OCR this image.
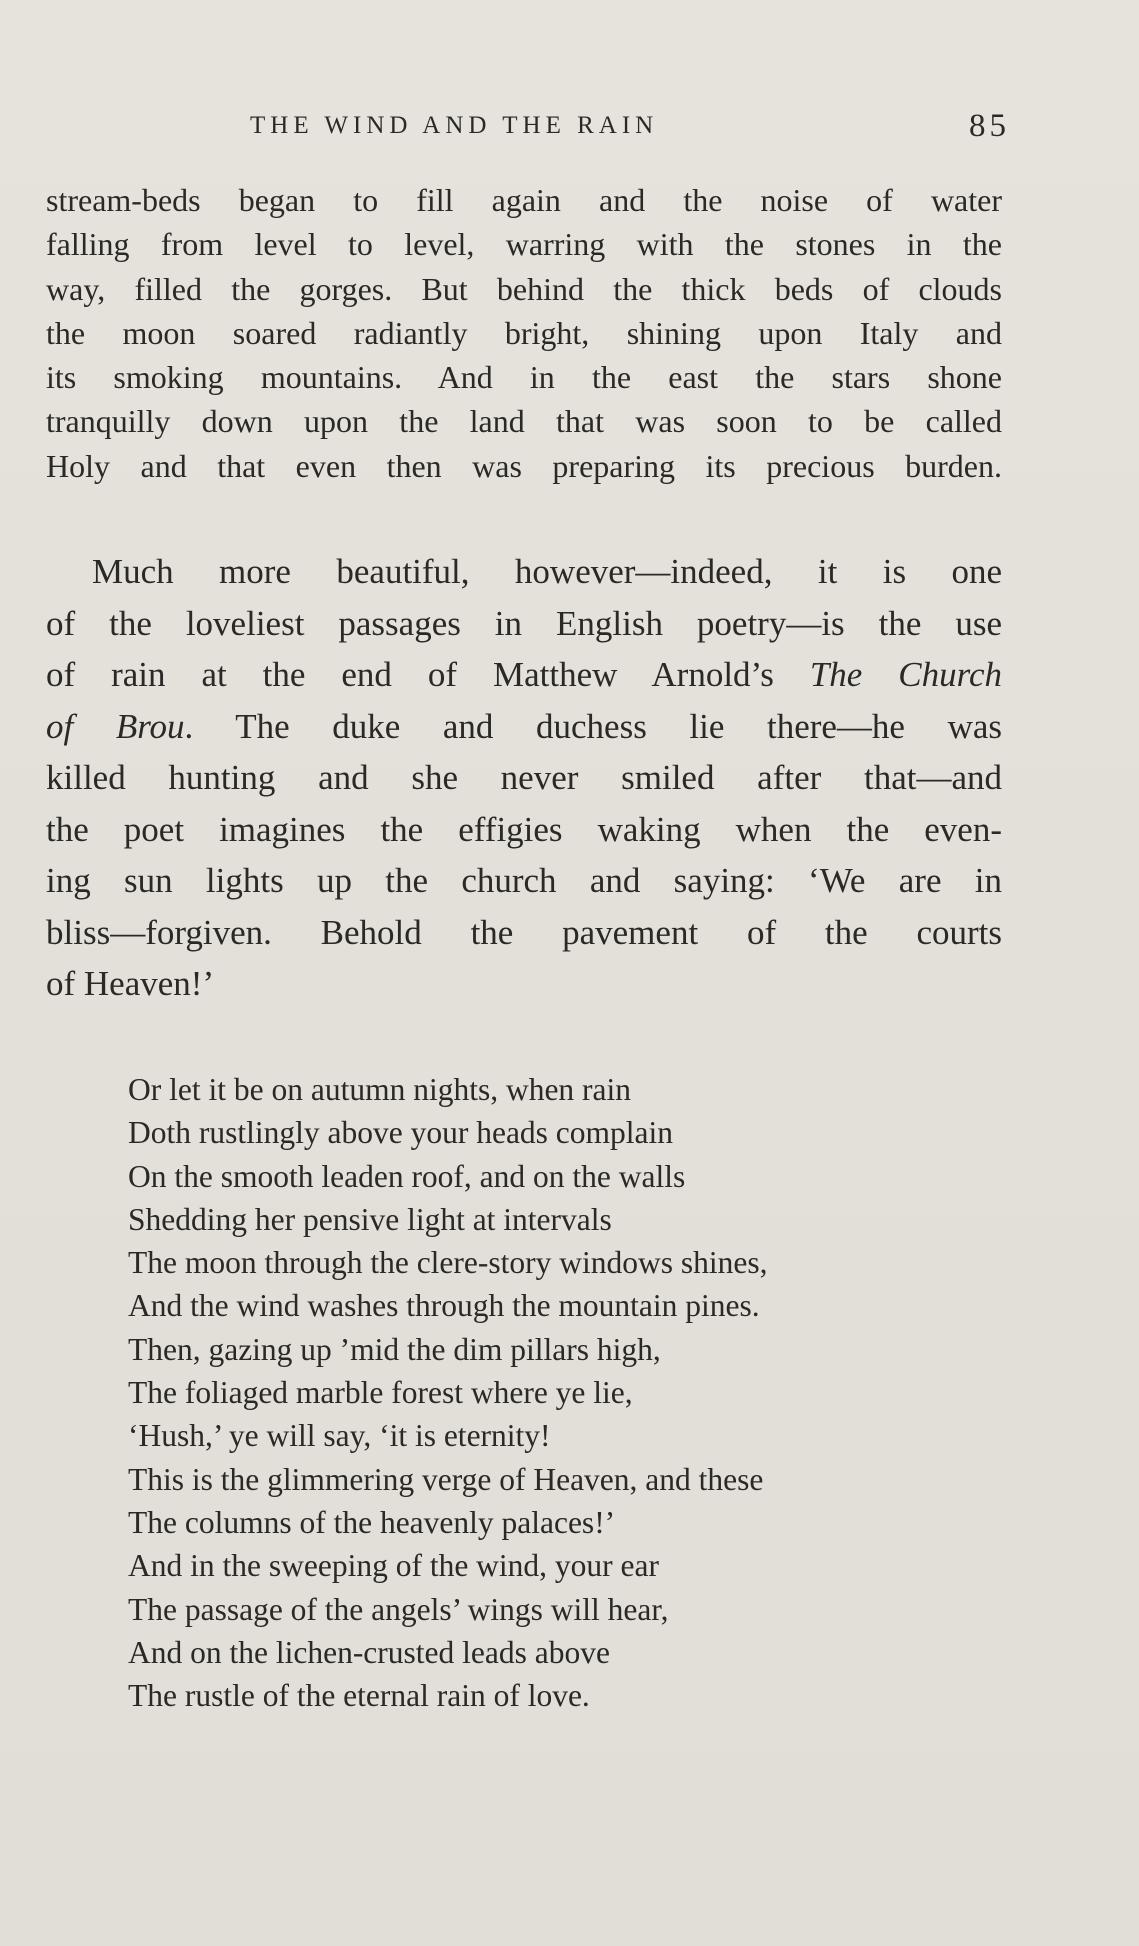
THE WIND AND THE RAIN	85
stream-beds began to fill again and the noise of water
falling from level to level, warring with the stones in the
way, filled the gorges. But behind the thick beds of clouds
the moon soared radiantly bright, shining upon Italy and
its smoking mountains. And in the east the stars shone
tranquilly down upon the land that was soon to be called
Holy and that even then was preparing its precious burden.
Much more beautiful, however—indeed, it is one
of the loveliest passages in English poetry—is the use
of rain at the end of Matthew Arnold’s The Church
of Brou. The duke and duchess lie there—he was
killed hunting and she never smiled after that—and
the poet imagines the effigies waking when the even-
ing sun lights up the church and saying: ‘We are in
bliss—forgiven. Behold the pavement of the courts
of Heaven!’
Or let it be on autumn nights, when rain
Doth rustlingly above your heads complain
On the smooth leaden roof, and on the walls
Shedding her pensive light at intervals
The moon through the clere-story windows shines,
And the wind washes through the mountain pines.
Then, gazing up ’mid the dim pillars high,
The foliaged marble forest where ye lie,
‘Hush,’ ye will say, ‘it is eternity!
This is the glimmering verge of Heaven, and these
The columns of the heavenly palaces!’
And in the sweeping of the wind, your ear
The passage of the angels’ wings will hear,
And on the lichen-crusted leads above
The rustle of the eternal rain of love.
